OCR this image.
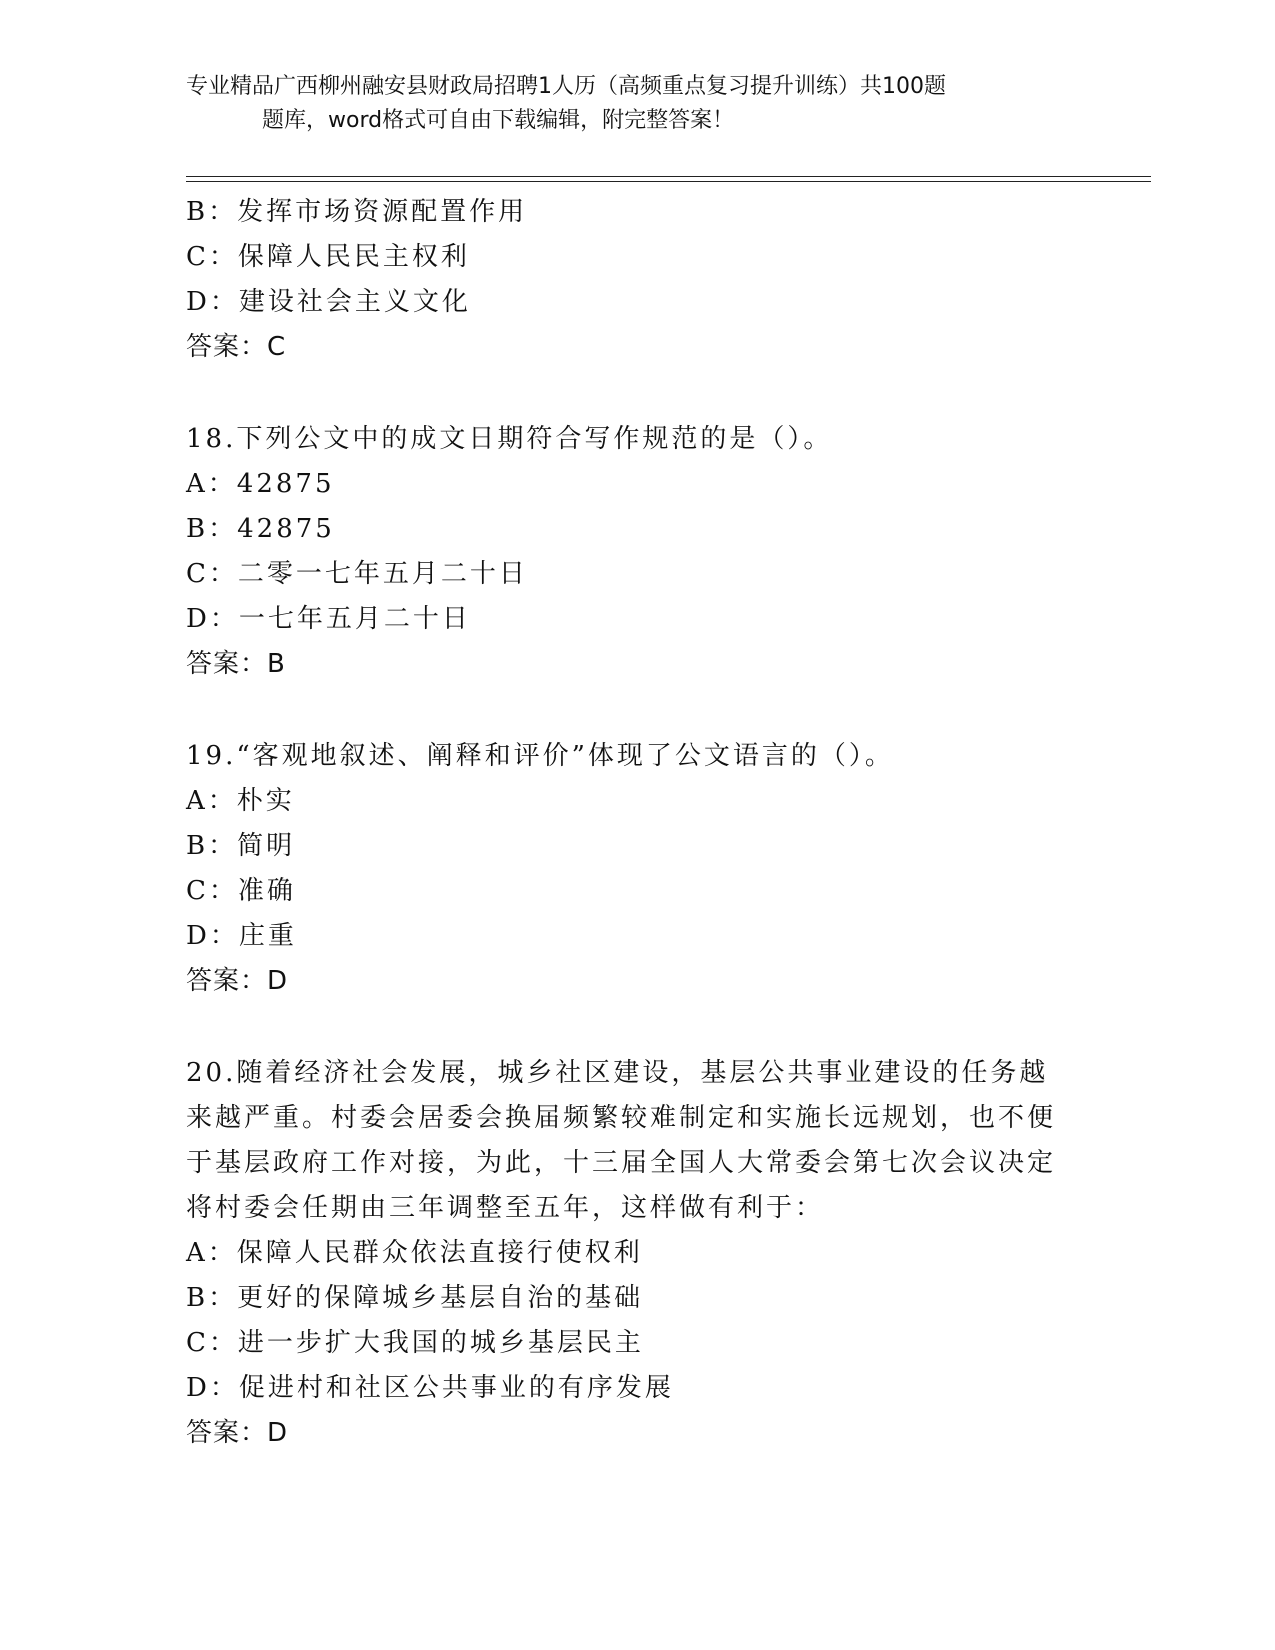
专业精品广西柳州融安县财政局招聘1人历（高频重点复习提升训练）共100题
题库，word格式可自由下载编辑，附完整答案！
B：发挥市场资源配置作用
C：保障人民民主权利
D：建设社会主义文化
答案：C
18.下列公文中的成文日期符合写作规范的是（）。
A：42875
B：42875
C：二零一七年五月二十日
D：一七年五月二十日
答案：B
19.“客观地叙述、阐释和评价”体现了公文语言的（）。
A：朴实
B：简明
C：准确
D：庄重
答案：D
20.随着经济社会发展，城乡社区建设，基层公共事业建设的任务越来越严重。村委会居委会换届频繁较难制定和实施长远规划，也不便于基层政府工作对接，为此，十三届全国人大常委会第七次会议决定将村委会任期由三年调整至五年，这样做有利于：
A：保障人民群众依法直接行使权利
B：更好的保障城乡基层自治的基础
C：进一步扩大我国的城乡基层民主
D：促进村和社区公共事业的有序发展
答案：D
